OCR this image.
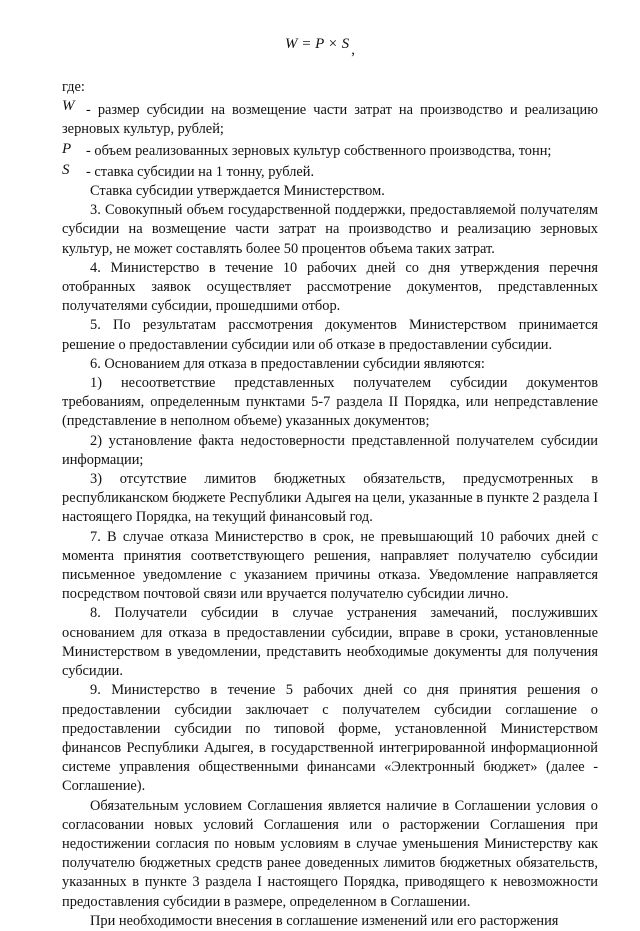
W = P × S ,

где:

W - размер субсидии на возмещение части затрат на производство и реализацию зерновых культур, рублей;

P - объем реализованных зерновых культур собственного производства, тонн;

S - ставка субсидии на 1 тонну, рублей.

Ставка субсидии утверждается Министерством.

3. Совокупный объем государственной поддержки, предоставляемой получателям субсидии на возмещение части затрат на производство и реализацию зерновых культур, не может составлять более 50 процентов объема таких затрат.

4. Министерство в течение 10 рабочих дней со дня утверждения перечня отобранных заявок осуществляет рассмотрение документов, представленных получателями субсидии, прошедшими отбор.

5. По результатам рассмотрения документов Министерством принимается решение о предоставлении субсидии или об отказе в предоставлении субсидии.

6. Основанием для отказа в предоставлении субсидии являются:

1) несоответствие представленных получателем субсидии документов требованиям, определенным пунктами 5-7 раздела II Порядка, или непредставление (представление в неполном объеме) указанных документов;

2) установление факта недостоверности представленной получателем субсидии информации;

3) отсутствие лимитов бюджетных обязательств, предусмотренных в республиканском бюджете Республики Адыгея на цели, указанные в пункте 2 раздела I настоящего Порядка, на текущий финансовый год.

7. В случае отказа Министерство в срок, не превышающий 10 рабочих дней с момента принятия соответствующего решения, направляет получателю субсидии письменное уведомление с указанием причины отказа. Уведомление направляется посредством почтовой связи или вручается получателю субсидии лично.

8. Получатели субсидии в случае устранения замечаний, послуживших основанием для отказа в предоставлении субсидии, вправе в сроки, установленные Министерством в уведомлении, представить необходимые документы для получения субсидии.

9. Министерство в течение 5 рабочих дней со дня принятия решения о предоставлении субсидии заключает с получателем субсидии соглашение о предоставлении субсидии по типовой форме, установленной Министерством финансов Республики Адыгея, в государственной интегрированной информационной системе управления общественными финансами «Электронный бюджет» (далее - Соглашение).

Обязательным условием Соглашения является наличие в Соглашении условия о согласовании новых условий Соглашения или о расторжении Соглашения при недостижении согласия по новым условиям в случае уменьшения Министерству как получателю бюджетных средств ранее доведенных лимитов бюджетных обязательств, указанных в пункте 3 раздела I настоящего Порядка, приводящего к невозможности предоставления субсидии в размере, определенном в Соглашении.

При необходимости внесения в соглашение изменений или его расторжения
